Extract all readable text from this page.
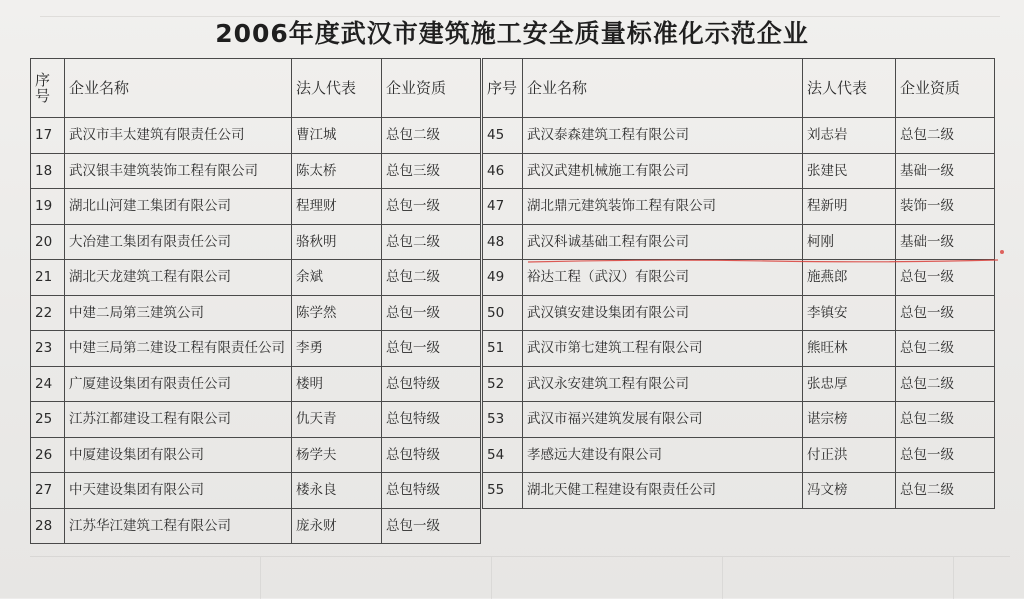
2006年度武汉市建筑施工安全质量标准化示范企业
序号	企业名称	法人代表	企业资质
17	武汉市丰太建筑有限责任公司	曹江城	总包二级
18	武汉银丰建筑装饰工程有限公司	陈太桥	总包三级
19	湖北山河建工集团有限公司	程理财	总包一级
20	大冶建工集团有限责任公司	骆秋明	总包二级
21	湖北天龙建筑工程有限公司	余斌	总包二级
22	中建二局第三建筑公司	陈学然	总包一级
23	中建三局第二建设工程有限责任公司	李勇	总包一级
24	广厦建设集团有限责任公司	楼明	总包特级
25	江苏江都建设工程有限公司	仇天青	总包特级
26	中厦建设集团有限公司	杨学夫	总包特级
27	中天建设集团有限公司	楼永良	总包特级
28	江苏华江建筑工程有限公司	庞永财	总包一级
序号	企业名称	法人代表	企业资质
45	武汉泰森建筑工程有限公司	刘志岩	总包二级
46	武汉武建机械施工有限公司	张建民	基础一级
47	湖北鼎元建筑装饰工程有限公司	程新明	装饰一级
48	武汉科诚基础工程有限公司	柯刚	基础一级
49	裕达工程（武汉）有限公司	施燕郎	总包一级
50	武汉镇安建设集团有限公司	李镇安	总包一级
51	武汉市第七建筑工程有限公司	熊旺林	总包二级
52	武汉永安建筑工程有限公司	张忠厚	总包二级
53	武汉市福兴建筑发展有限公司	谌宗榜	总包二级
54	孝感远大建设有限公司	付正洪	总包一级
55	湖北天健工程建设有限责任公司	冯文榜	总包二级
